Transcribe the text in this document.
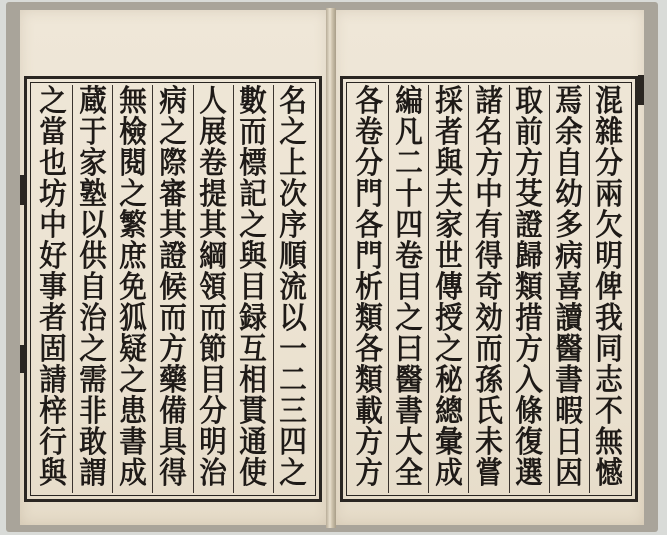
名
之
上
次
序
順
流
以
一
二
三
四
之
數
而
標
記
之
與
目
録
互
相
貫
通
使
人
展
卷
提
其
綱
領
而
節
目
分
明
治
病
之
際
審
其
證
候
而
方
藥
備
具
得
無
檢
閱
之
繁
庶
免
狐
疑
之
患
書
成
蔵
于
家
塾
以
供
自
治
之
需
非
敢
謂
之
當
也
坊
中
好
事
者
固
請
梓
行
與
混
雜
分
兩
欠
明
俾
我
同
志
不
無
憾
焉
余
自
幼
多
病
喜
讀
醫
書
暇
日
因
取
前
方
芟
證
歸
類
措
方
入
條
復
選
諸
名
方
中
有
得
奇
効
而
孫
氏
未
嘗
採
者
與
夫
家
世
傳
授
之
秘
總
彙
成
編
凡
二
十
四
卷
目
之
曰
醫
書
大
全
各
卷
分
門
各
門
析
類
各
類
載
方
方
